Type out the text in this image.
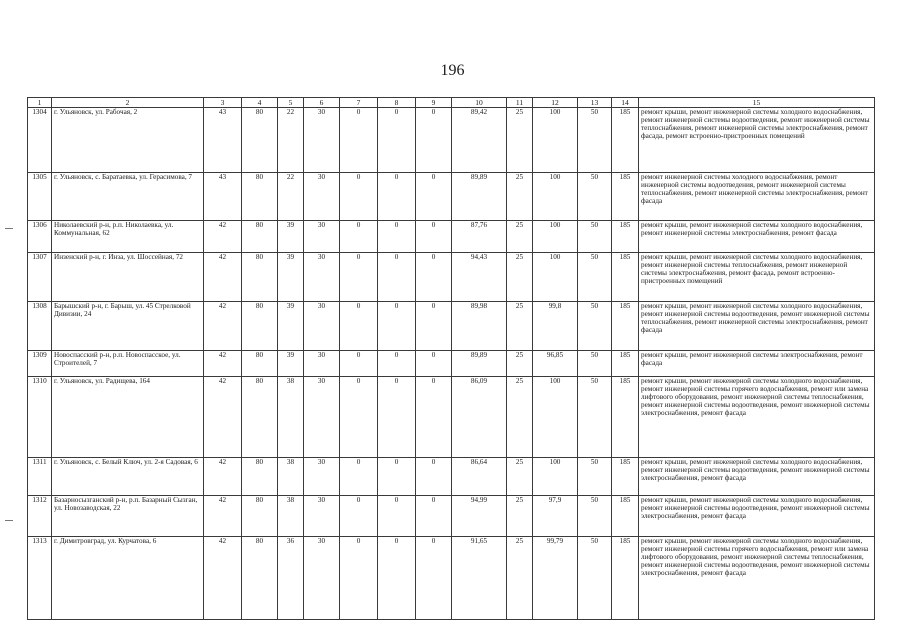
196
1	2	3	4	5	6	7	8	9	10	11	12	13	14	15
1304	г. Ульяновск, ул. Рабочая, 2	43	80	22	30	0	0	0	89,42	25	100	50	185	ремонт крыши, ремонт инженерной системы холодного водоснабжения, ремонт инженерной системы водоотведения, ремонт инженерной системы теплоснабжения, ремонт инженерной системы электроснабжения, ремонт фасада, ремонт встроенно-пристроенных помещений
1305	г. Ульяновск, с. Баратаевка, ул. Герасимова, 7	43	80	22	30	0	0	0	89,89	25	100	50	185	ремонт инженерной системы холодного водоснабжения, ремонт инженерной системы водоотведения, ремонт инженерной системы теплоснабжения, ремонт инженерной системы электроснабжения, ремонт фасада
1306	Николаевский р-н, р.п. Николаевка, ул. Коммунальная, 62	42	80	39	30	0	0	0	87,76	25	100	50	185	ремонт крыши, ремонт инженерной системы холодного водоснабжения, ремонт инженерной системы электроснабжения, ремонт фасада
1307	Инзенский р-н, г. Инза, ул. Шоссейная, 72	42	80	39	30	0	0	0	94,43	25	100	50	185	ремонт крыши, ремонт инженерной системы холодного водоснабжения, ремонт инженерной системы теплоснабжения, ремонт инженерной системы электроснабжения, ремонт фасада, ремонт встроенно-пристроенных помещений
1308	Барышский р-н, г. Барыш, ул. 45 Стрелковой Дивизии, 24	42	80	39	30	0	0	0	89,98	25	99,8	50	185	ремонт крыши, ремонт инженерной системы холодного водоснабжения, ремонт инженерной системы водоотведения, ремонт инженерной системы теплоснабжения, ремонт инженерной системы электроснабжения, ремонт фасада
1309	Новоспасский р-н, р.п. Новоспасское, ул. Строителей, 7	42	80	39	30	0	0	0	89,89	25	96,85	50	185	ремонт крыши, ремонт инженерной системы электроснабжения, ремонт фасада
1310	г. Ульяновск, ул. Радищева, 164	42	80	38	30	0	0	0	86,09	25	100	50	185	ремонт крыши, ремонт инженерной системы холодного водоснабжения, ремонт инженерной системы горячего водоснабжения, ремонт или замена лифтового оборудования, ремонт инженерной системы теплоснабжения, ремонт инженерной системы водоотведения, ремонт инженерной системы электроснабжения, ремонт фасада
1311	г. Ульяновск, с. Белый Ключ, ул. 2-я Садовая, 6	42	80	38	30	0	0	0	86,64	25	100	50	185	ремонт крыши, ремонт инженерной системы холодного водоснабжения, ремонт инженерной системы водоотведения, ремонт инженерной системы электроснабжения, ремонт фасада
1312	Базарносызганский р-н, р.п. Базарный Сызган, ул. Новозаводская, 22	42	80	38	30	0	0	0	94,99	25	97,9	50	185	ремонт крыши, ремонт инженерной системы холодного водоснабжения, ремонт инженерной системы водоотведения, ремонт инженерной системы электроснабжения, ремонт фасада
1313	г. Димитровград, ул. Курчатова, 6	42	80	36	30	0	0	0	91,65	25	99,79	50	185	ремонт крыши, ремонт инженерной системы холодного водоснабжения, ремонт инженерной системы горячего водоснабжения, ремонт или замена лифтового оборудования, ремонт инженерной системы теплоснабжения, ремонт инженерной системы водоотведения, ремонт инженерной системы электроснабжения, ремонт фасада
